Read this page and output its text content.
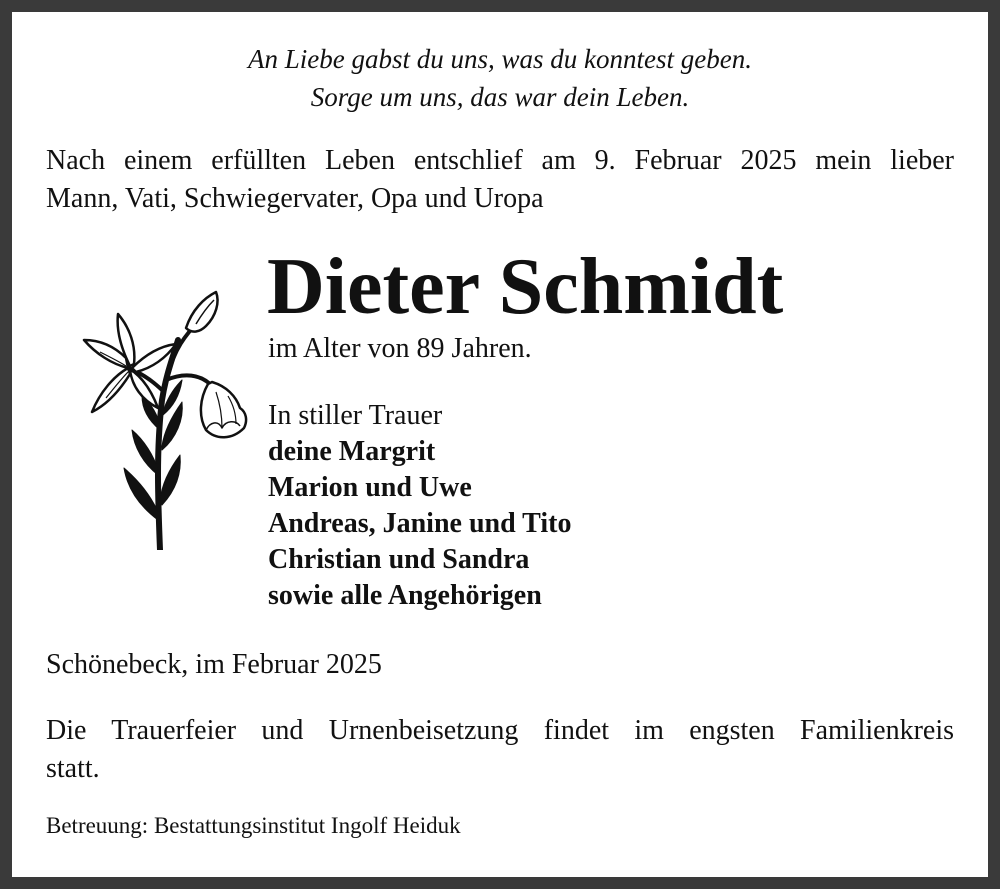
An Liebe gabst du uns, was du konntest geben.
Sorge um uns, das war dein Leben.
Nach einem erfüllten Leben entschlief am 9. Februar 2025 mein lieber
Mann, Vati, Schwiegervater, Opa und Uropa
Dieter Schmidt
im Alter von 89 Jahren.
In stiller Trauer
deine Margrit
Marion und Uwe
Andreas, Janine und Tito
Christian und Sandra
sowie alle Angehörigen
Schönebeck, im Februar 2025
Die Trauerfeier und Urnenbeisetzung findet im engsten Familienkreis
statt.
Betreuung: Bestattungsinstitut Ingolf Heiduk
